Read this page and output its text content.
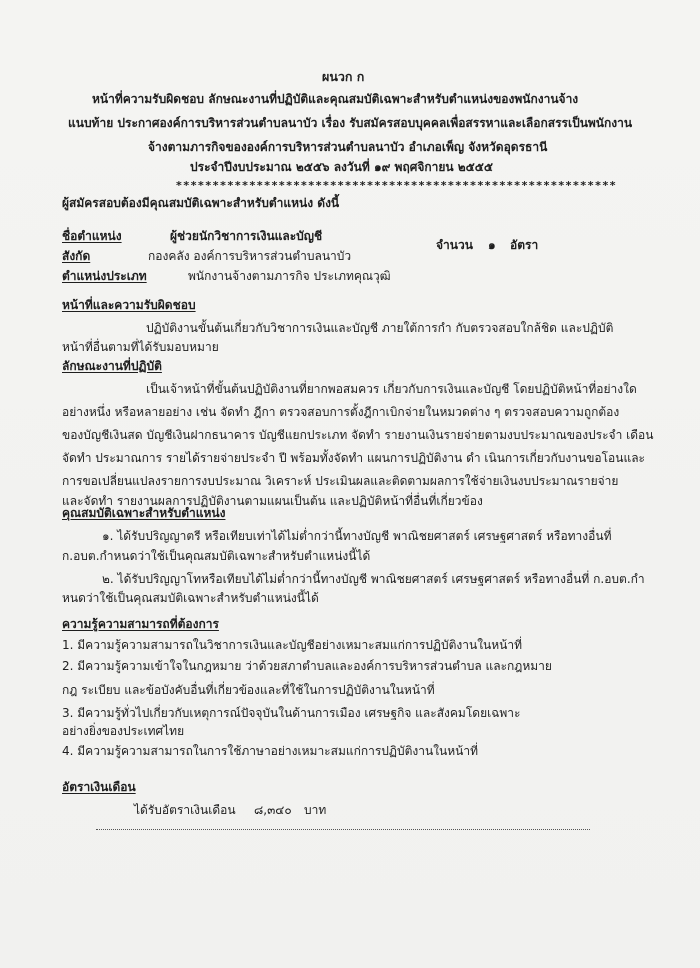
ผนวก ก
หน้าที่ความรับผิดชอบ ลักษณะงานที่ปฏิบัติและคุณสมบัติเฉพาะสำหรับตำแหน่งของพนักงานจ้าง
แนบท้าย ประกาศองค์การบริหารส่วนตำบลนาบัว เรื่อง รับสมัครสอบบุคคลเพื่อสรรหาและเลือกสรรเป็นพนักงาน
จ้างตามภารกิจขององค์การบริหารส่วนตำบลนาบัว อำเภอเพ็ญ จังหวัดอุดรธานี
ประจำปีงบประมาณ ๒๕๕๖ ลงวันที่ ๑๙ พฤศจิกายน ๒๕๕๕
************************************************************
ผู้สมัครสอบต้องมีคุณสมบัติเฉพาะสำหรับตำแหน่ง ดังนี้
ชื่อตำแหน่ง	ผู้ช่วยนักวิชาการเงินและบัญชี
จำนวน ๑ อัตรา
สังกัด	กองคลัง องค์การบริหารส่วนตำบลนาบัว
ตำแหน่งประเภท	พนักงานจ้างตามภารกิจ ประเภทคุณวุฒิ
หน้าที่และความรับผิดชอบ
ปฏิบัติงานขั้นต้นเกี่ยวกับวิชาการเงินและบัญชี ภายใต้การกำ กับตรวจสอบใกล้ชิด และปฏิบัติ
หน้าที่อื่นตามที่ได้รับมอบหมาย
ลักษณะงานที่ปฏิบัติ
เป็นเจ้าหน้าที่ขั้นต้นปฏิบัติงานที่ยากพอสมควร เกี่ยวกับการเงินและบัญชี โดยปฏิบัติหน้าที่อย่างใด
อย่างหนึ่ง หรือหลายอย่าง เช่น จัดทำ ฎีกา ตรวจสอบการตั้งฎีกาเบิกจ่ายในหมวดต่าง ๆ ตรวจสอบความถูกต้อง
ของบัญชีเงินสด บัญชีเงินฝากธนาคาร บัญชีแยกประเภท จัดทำ รายงานเงินรายจ่ายตามงบประมาณของประจำ เดือน
จัดทำ ประมาณการ รายได้รายจ่ายประจำ ปี พร้อมทั้งจัดทำ แผนการปฏิบัติงาน ดำ เนินการเกี่ยวกับงานขอโอนและ
การขอเปลี่ยนแปลงรายการงบประมาณ วิเคราะห์ ประเมินผลและติดตามผลการใช้จ่ายเงินงบประมาณรายจ่าย
และจัดทำ รายงานผลการปฏิบัติงานตามแผนเป็นต้น และปฏิบัติหน้าที่อื่นที่เกี่ยวข้อง
คุณสมบัติเฉพาะสำหรับตำแหน่ง
๑. ได้รับปริญญาตรี หรือเทียบเท่าได้ไม่ต่ำกว่านี้ทางบัญชี พาณิชยศาสตร์ เศรษฐศาสตร์ หรือทางอื่นที่
ก.อบต.กำหนดว่าใช้เป็นคุณสมบัติเฉพาะสำหรับตำแหน่งนี้ได้
๒. ได้รับปริญญาโทหรือเทียบได้ไม่ต่ำกว่านี้ทางบัญชี พาณิชยศาสตร์ เศรษฐศาสตร์ หรือทางอื่นที่ ก.อบต.กำ
หนดว่าใช้เป็นคุณสมบัติเฉพาะสำหรับตำแหน่งนี้ได้
ความรู้ความสามารถที่ต้องการ
1. มีความรู้ความสามารถในวิชาการเงินและบัญชีอย่างเหมาะสมแก่การปฏิบัติงานในหน้าที่
2. มีความรู้ความเข้าใจในกฎหมาย ว่าด้วยสภาตำบลและองค์การบริหารส่วนตำบล และกฎหมาย
กฎ ระเบียบ และข้อบังคับอื่นที่เกี่ยวข้องและที่ใช้ในการปฏิบัติงานในหน้าที่
3. มีความรู้ทั่วไปเกี่ยวกับเหตุการณ์ปัจจุบันในด้านการเมือง เศรษฐกิจ และสังคมโดยเฉพาะ
อย่างยิ่งของประเทศไทย
4. มีความรู้ความสามารถในการใช้ภาษาอย่างเหมาะสมแก่การปฏิบัติงานในหน้าที่
อัตราเงินเดือน
ได้รับอัตราเงินเดือน ๘,๓๔๐ บาท
